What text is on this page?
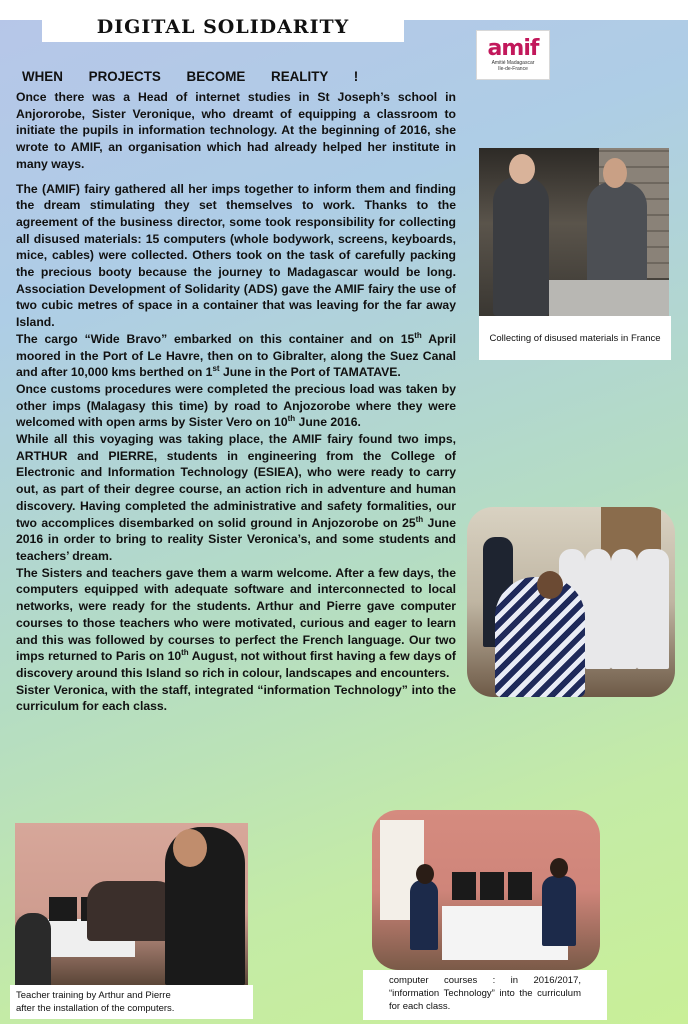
DIGITAL SOLIDARITY
amif
Amitié Madagascar
Ile-de-France
WHEN PROJECTS BECOME REALITY !

Once there was a Head of internet studies in St Joseph’s school in Anjororobe, Sister Veronique, who dreamt of equipping a classroom to initiate the pupils in information technology. At the beginning of 2016, she wrote to AMIF, an organisation which had already helped her institute in many ways.

The (AMIF) fairy gathered all her imps together to inform them and finding the dream stimulating they set themselves to work. Thanks to the agreement of the business director, some took responsibility for collecting all disused materials: 15 computers (whole bodywork, screens, keyboards, mice, cables) were collected. Others took on the task of carefully packing the precious booty because the journey to Madagascar would be long. Association Development of Solidarity (ADS) gave the AMIF fairy the use of two cubic metres of space in a container that was leaving for the far away Island.

The cargo “Wide Bravo” embarked on this container and on 15th April moored in the Port of Le Havre, then on to Gibralter, along the Suez Canal and after 10,000 kms berthed on 1st June in the Port of TAMATAVE.

Once customs procedures were completed the precious load was taken by other imps (Malagasy this time) by road to Anjozorobe where they were welcomed with open arms by Sister Vero on 10th June 2016.

While all this voyaging was taking place, the AMIF fairy found two imps, ARTHUR and PIERRE, students in engineering from the College of Electronic and Information Technology (ESIEA), who were ready to carry out, as part of their degree course, an action rich in adventure and human discovery. Having completed the administrative and safety formalities, our two accomplices disembarked on solid ground in Anjozorobe on 25th June 2016 in order to bring to reality Sister Veronica’s, and some students and teachers’ dream.

The Sisters and teachers gave them a warm welcome. After a few days, the computers equipped with adequate software and interconnected to local networks, were ready for the students. Arthur and Pierre gave computer courses to those teachers who were motivated, curious and eager to learn and this was followed by courses to perfect the French language. Our two imps returned to Paris on 10th August, not without first having a few days of discovery around this Island so rich in colour, landscapes and encounters.

Sister Veronica, with the staff, integrated “information Technology” into the curriculum for each class.

Collecting of disused materials in France
Teacher training by Arthur and Pierre
after the installation of the computers.
computer courses : in 2016/2017, “information Technology” into the curriculum for each class.
